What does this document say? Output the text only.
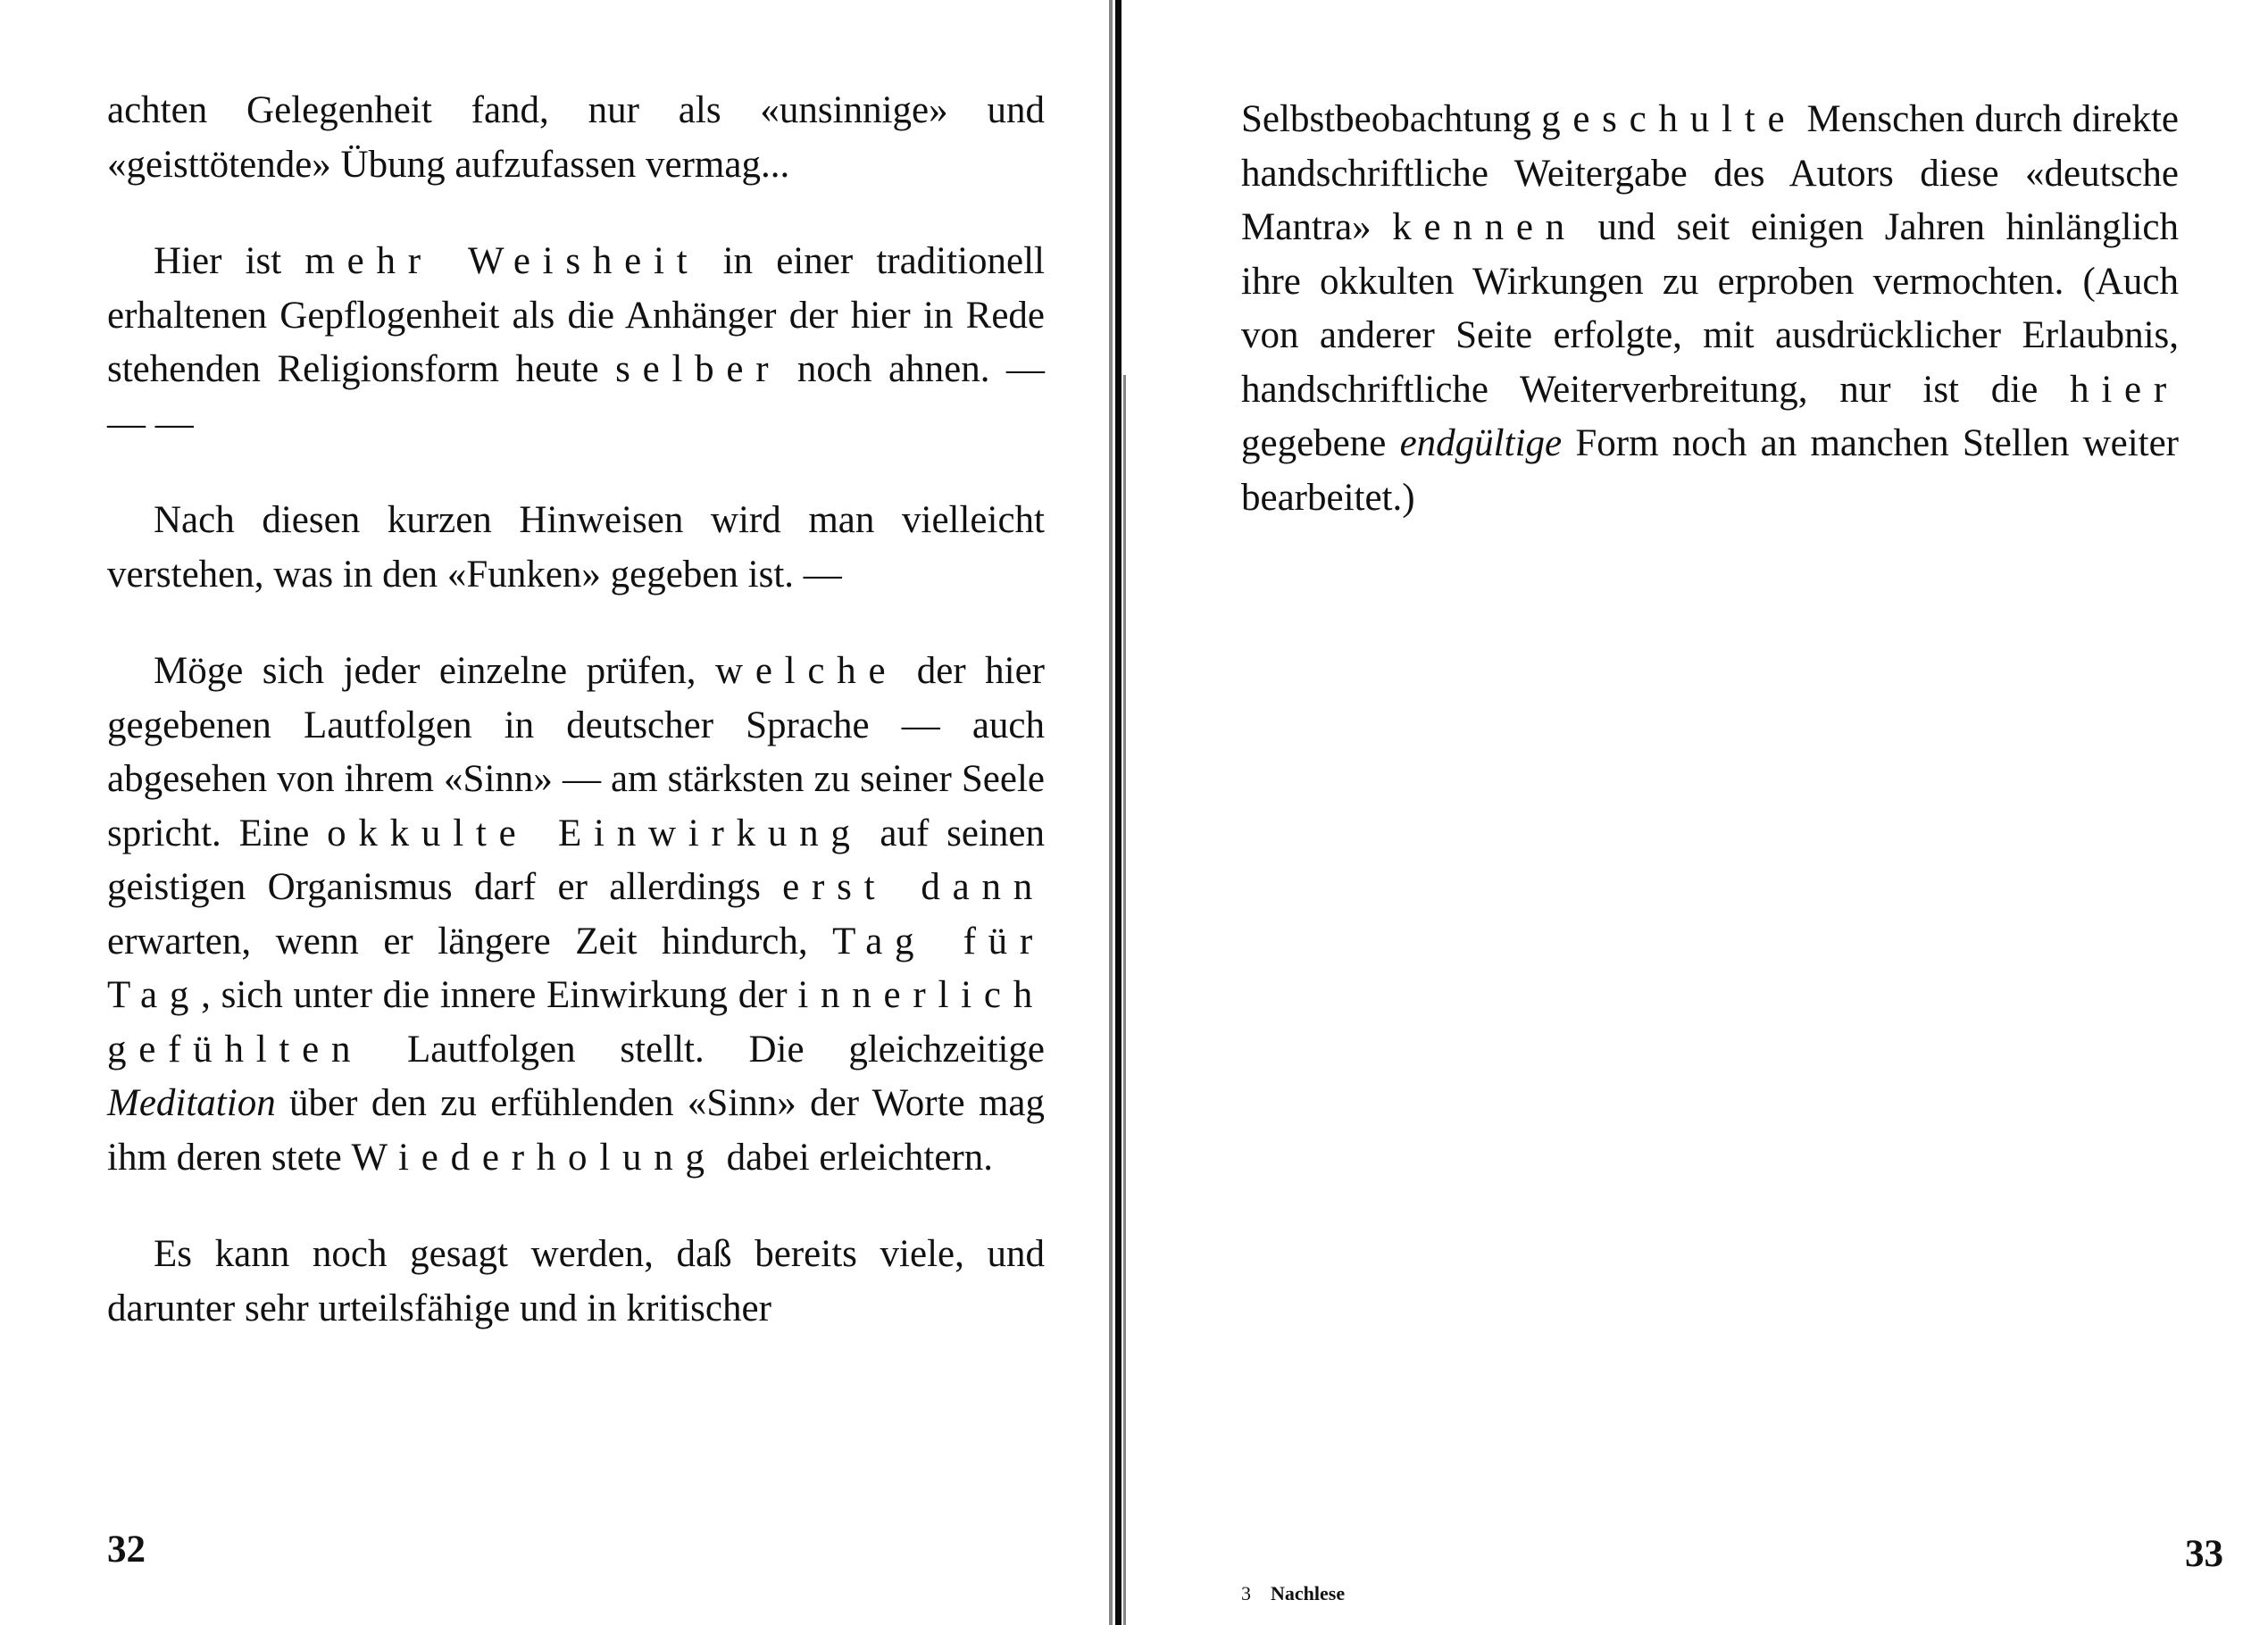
achten Gelegenheit fand, nur als «unsinnige» und «geisttötende» Übung aufzufassen vermag...

Hier ist mehr Weisheit in einer traditionell erhaltenen Gepflogenheit als die Anhänger der hier in Rede stehenden Religionsform heute selber noch ahnen. — — —

Nach diesen kurzen Hinweisen wird man vielleicht verstehen, was in den «Funken» gegeben ist. —

Möge sich jeder einzelne prüfen, welche der hier gegebenen Lautfolgen in deutscher Sprache — auch abgesehen von ihrem «Sinn» — am stärksten zu seiner Seele spricht. Eine okkulte Einwirkung auf seinen geistigen Organismus darf er allerdings erst dann erwarten, wenn er längere Zeit hindurch, Tag für Tag, sich unter die innere Einwirkung der innerlich gefühlten Lautfolgen stellt. Die gleichzeitige Meditation über den zu erfühlenden «Sinn» der Worte mag ihm deren stete Wiederholung dabei erleichtern.

Es kann noch gesagt werden, daß bereits viele, und darunter sehr urteilsfähige und in kritischer

32

Selbstbeobachtung geschulte Menschen durch direkte handschriftliche Weitergabe des Autors diese «deutsche Mantra» kennen und seit einigen Jahren hinlänglich ihre okkulten Wirkungen zu erproben vermochten. (Auch von anderer Seite erfolgte, mit ausdrücklicher Erlaubnis, handschriftliche Weiterverbreitung, nur ist die hier gegebene endgültige Form noch an manchen Stellen weiter bearbeitet.)

3 Nachlese
33
